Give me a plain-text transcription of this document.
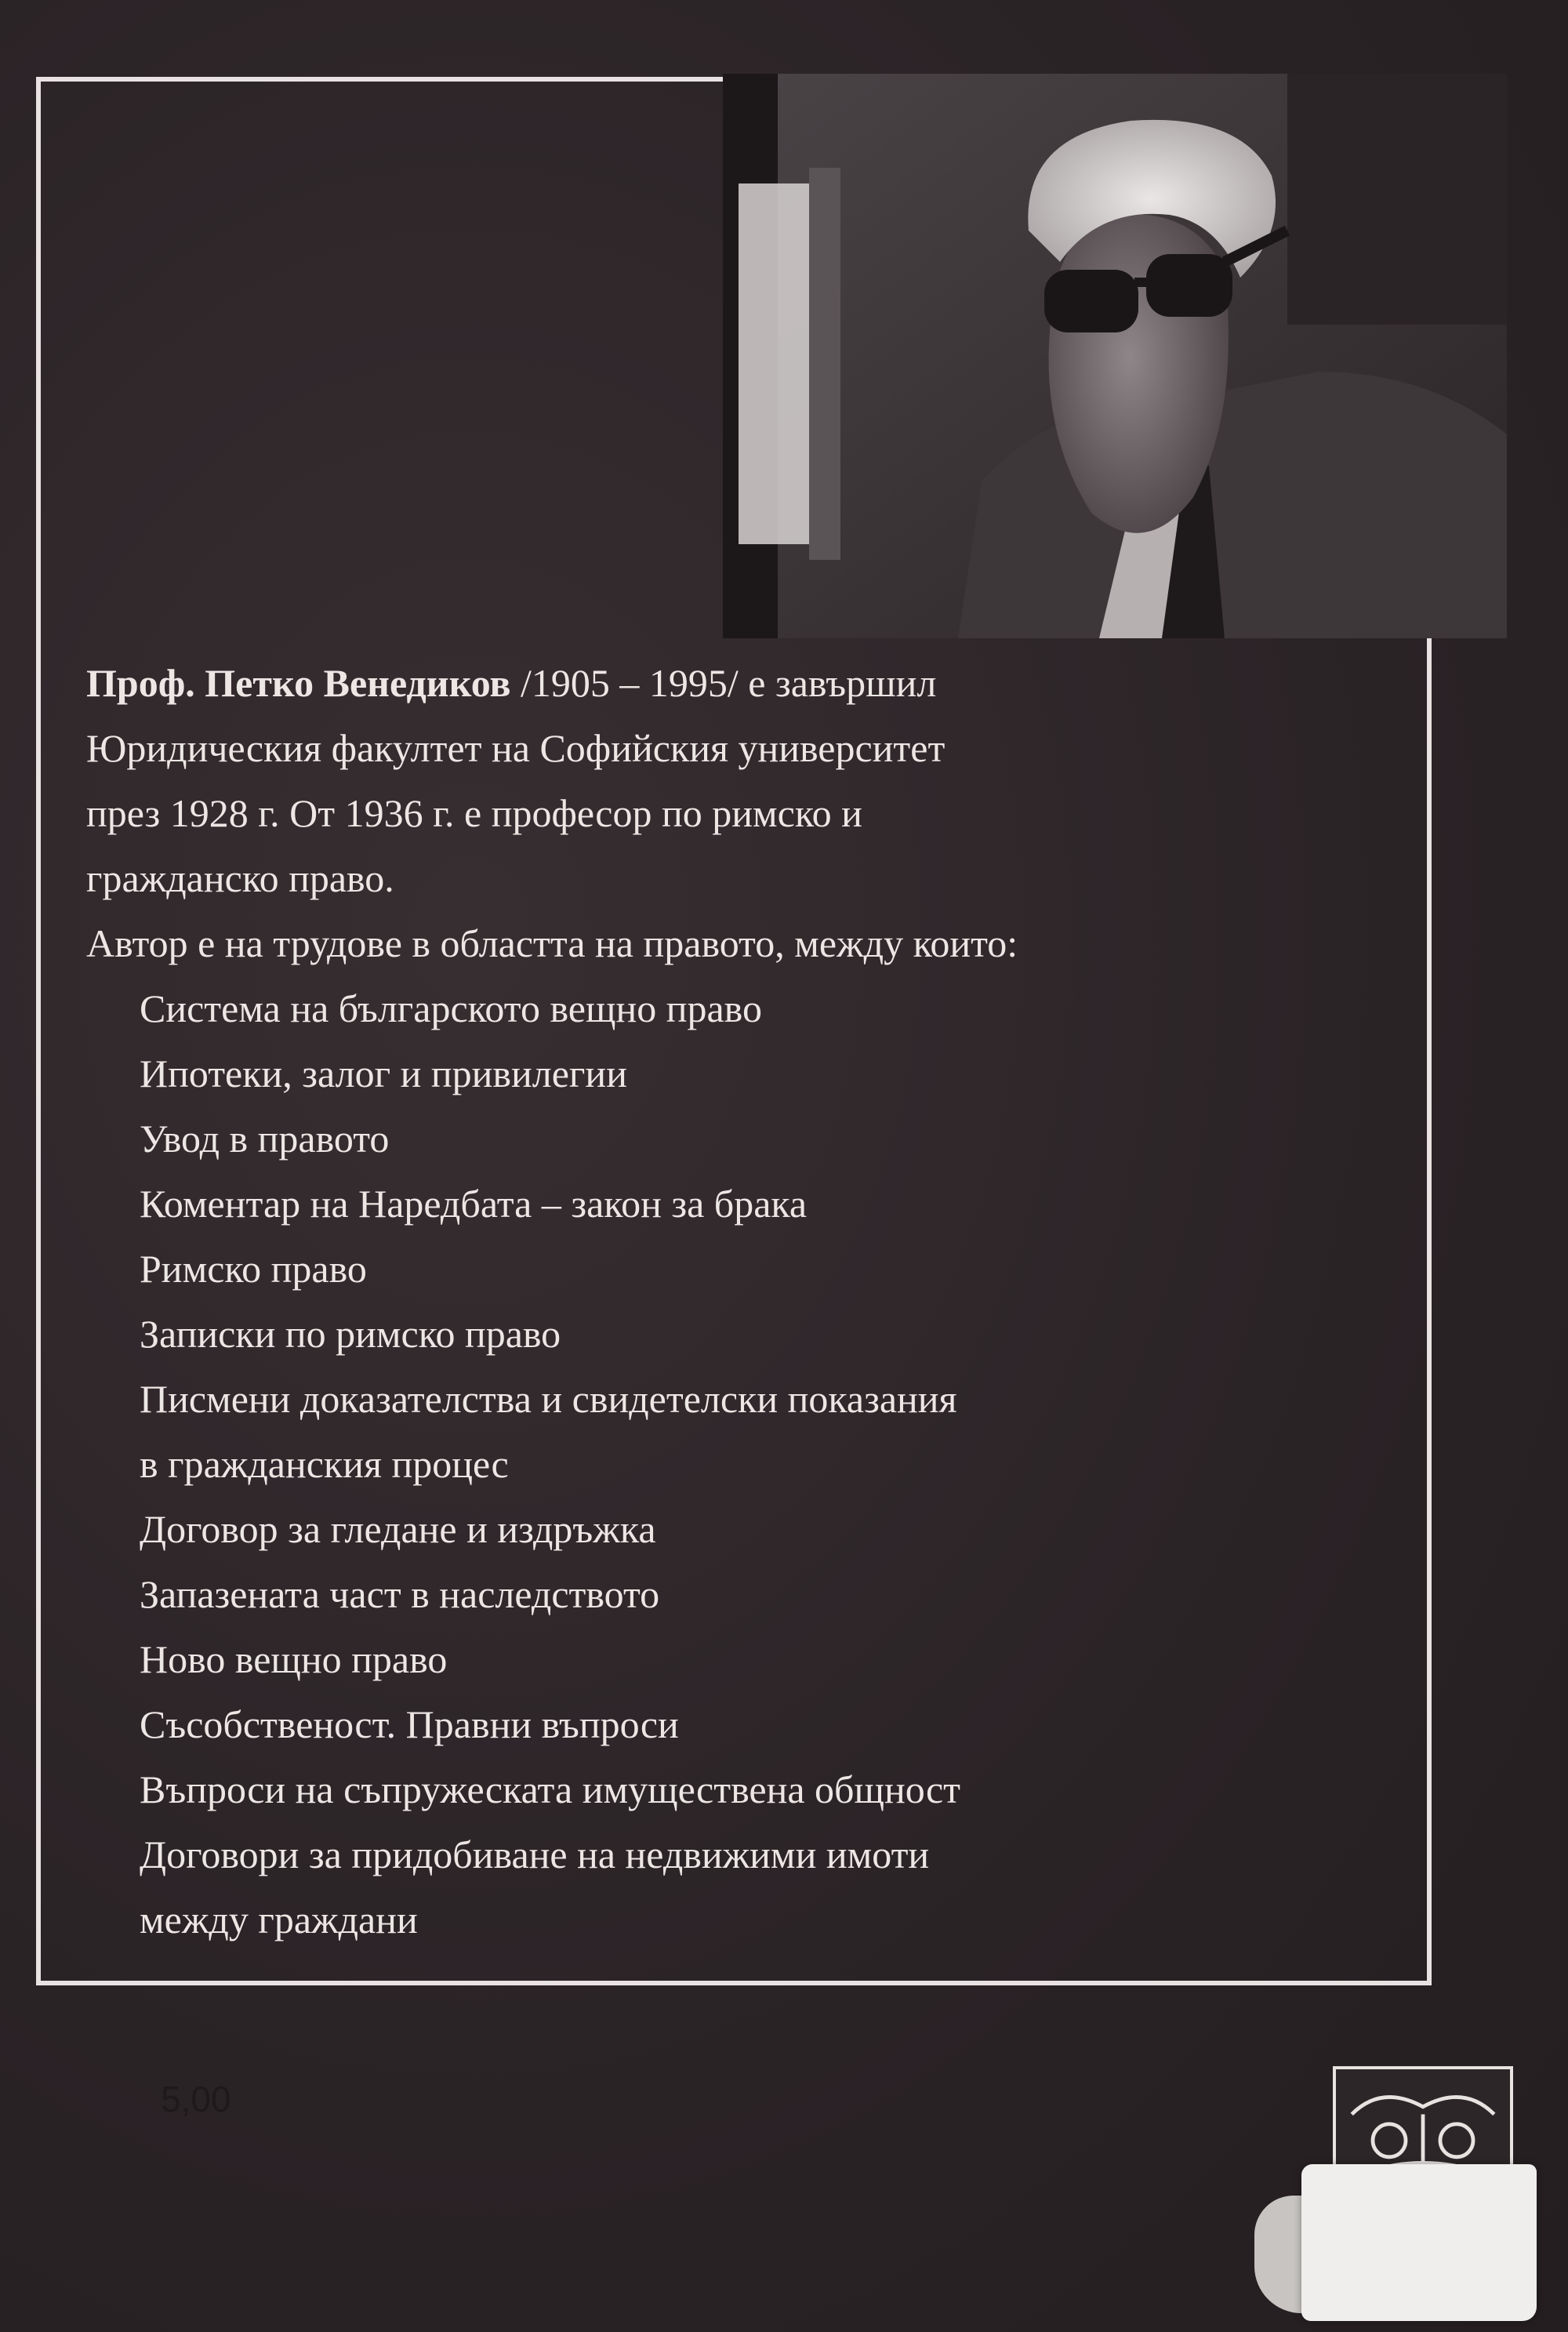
Проф. Петко Венедиков /1905 – 1995/ е завършил

Юридическия факултет на Софийския университет

през 1928 г. От 1936 г. е професор по римско и

гражданско право.

Автор е на трудове в областта на правото, между които:

Система на българското вещно право
Ипотеки, залог и привилегии
Увод в правото
Коментар на Наредбата – закон за брака
Римско право
Записки по римско право
Писмени доказателства и свидетелски показания
в гражданския процес
Договор за гледане и издръжка
Запазената част в наследството
Ново вещно право
Съсобственост. Правни въпроси
Въпроси на съпружеската имуществена общност
Договори за придобиване на недвижими имоти
между граждани
5,00
